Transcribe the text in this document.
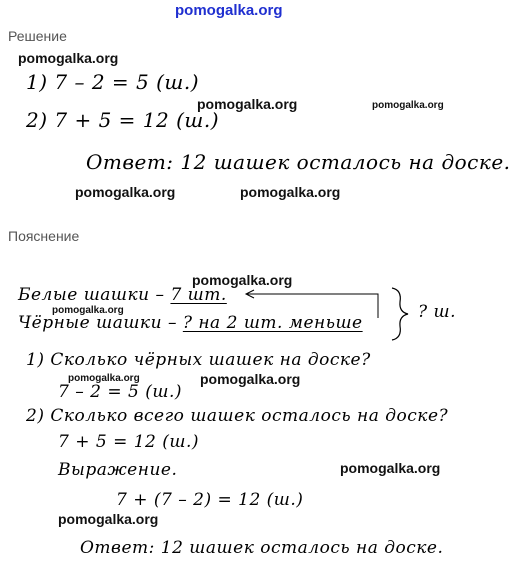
pomogalka.org
Решение
pomogalka.org
1) 7 – 2 = 5 (ш.)
2) 7 + 5 = 12 (ш.)
pomogalka.org	pomogalka.org
Ответ: 12 шашек осталось на доске.
pomogalka.org	pomogalka.org
Пояснение
pomogalka.org
Белые шашки – 7 шт.
pomogalka.org
Чёрные шашки – ? на 2 шт. меньше
? ш.
1) Сколько чёрных шашек на доске?
pomogalka.org	pomogalka.org
7 – 2 = 5 (ш.)
2) Сколько всего шашек осталось на доске?
7 + 5 = 12 (ш.)
Выражение.	pomogalka.org
7 + (7 – 2) = 12 (ш.)
pomogalka.org
Ответ: 12 шашек осталось на доске.
